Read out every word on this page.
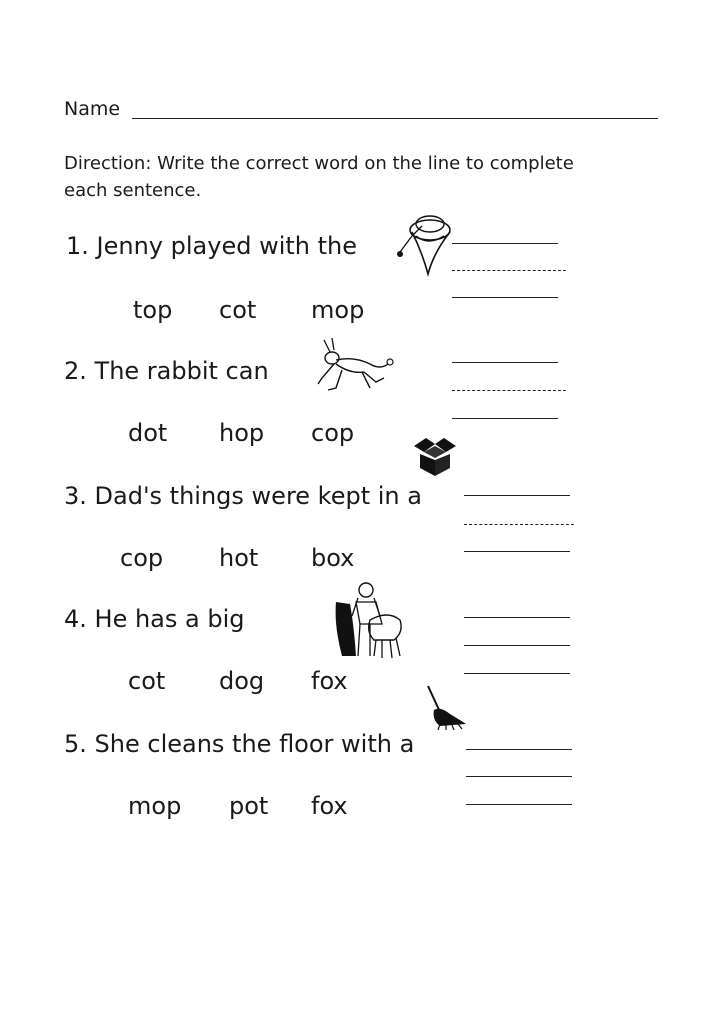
Name
Direction: Write the correct word on the line to complete
each sentence.
1. Jenny played with the
top cot mop
2. The rabbit can
dot hop cop
3. Dad's things were kept in a
cop hot box
4. He has a big
cot dog fox
5. She cleans the floor with a
mop pot fox
